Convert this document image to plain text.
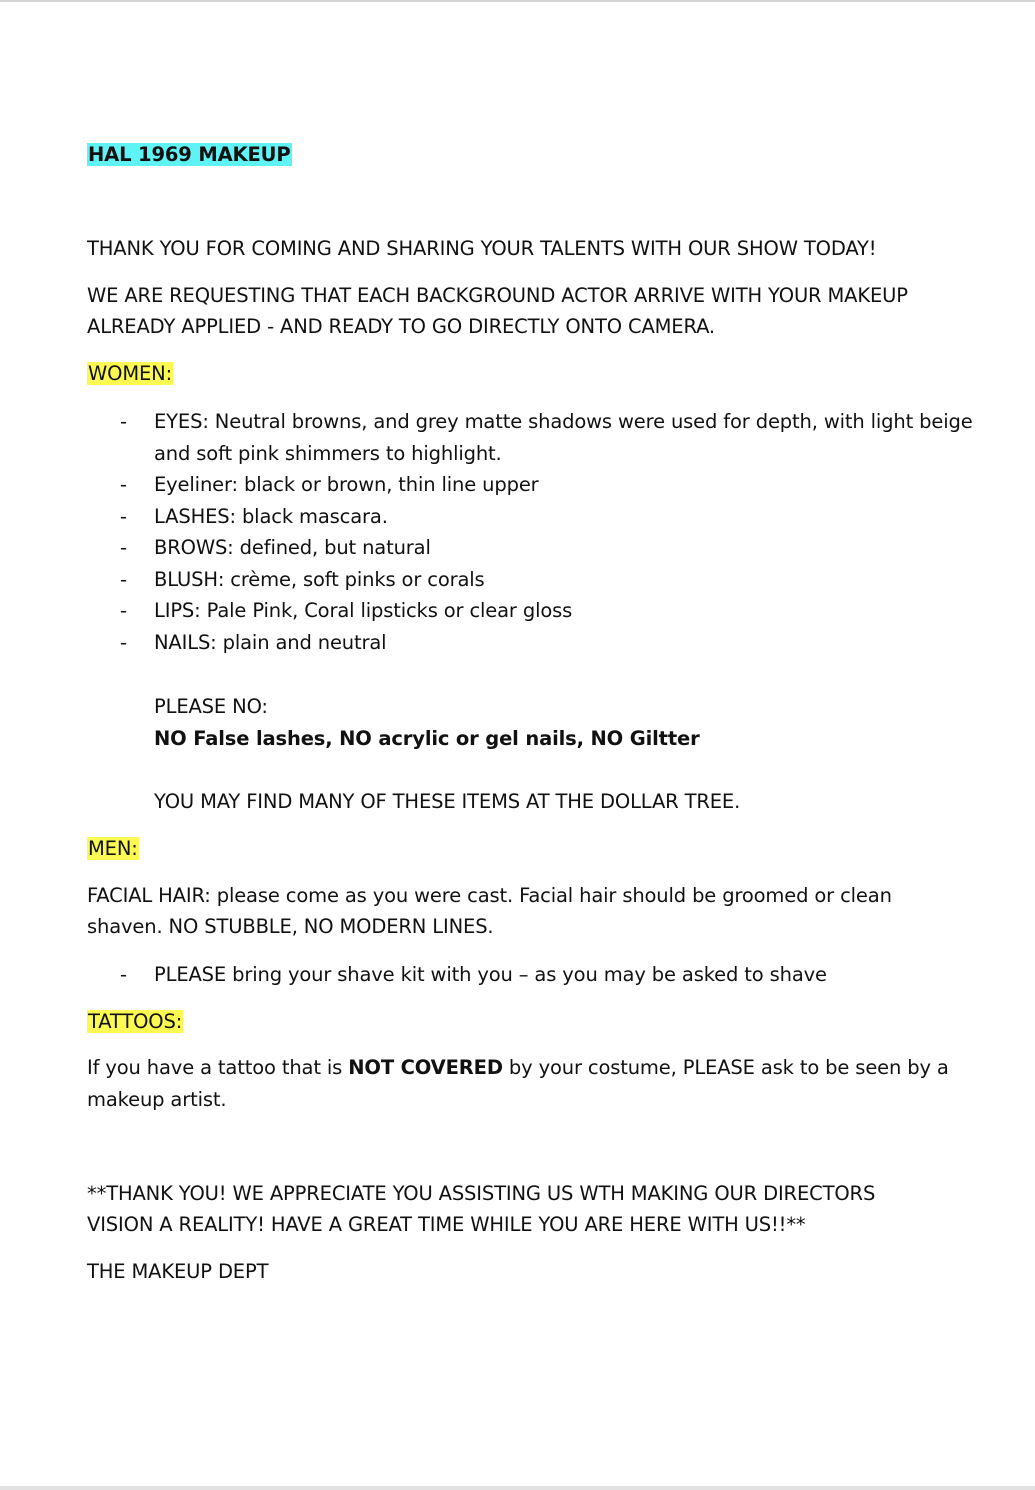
HAL 1969 MAKEUP
THANK YOU FOR COMING AND SHARING YOUR TALENTS WITH OUR SHOW TODAY!
WE ARE REQUESTING THAT EACH BACKGROUND ACTOR ARRIVE WITH YOUR MAKEUP
ALREADY APPLIED - AND READY TO GO DIRECTLY ONTO CAMERA.
WOMEN:
- EYES: Neutral browns, and grey matte shadows were used for depth, with light beige
and soft pink shimmers to highlight.
- Eyeliner: black or brown, thin line upper
- LASHES: black mascara.
- BROWS: defined, but natural
- BLUSH: crème, soft pinks or corals
- LIPS: Pale Pink, Coral lipsticks or clear gloss
- NAILS: plain and neutral
PLEASE NO:
NO False lashes, NO acrylic or gel nails, NO Giltter
YOU MAY FIND MANY OF THESE ITEMS AT THE DOLLAR TREE.
MEN:
FACIAL HAIR: please come as you were cast. Facial hair should be groomed or clean
shaven. NO STUBBLE, NO MODERN LINES.
- PLEASE bring your shave kit with you – as you may be asked to shave
TATTOOS:
If you have a tattoo that is NOT COVERED by your costume, PLEASE ask to be seen by a
makeup artist.
**THANK YOU! WE APPRECIATE YOU ASSISTING US WTH MAKING OUR DIRECTORS
VISION A REALITY! HAVE A GREAT TIME WHILE YOU ARE HERE WITH US!!**
THE MAKEUP DEPT
